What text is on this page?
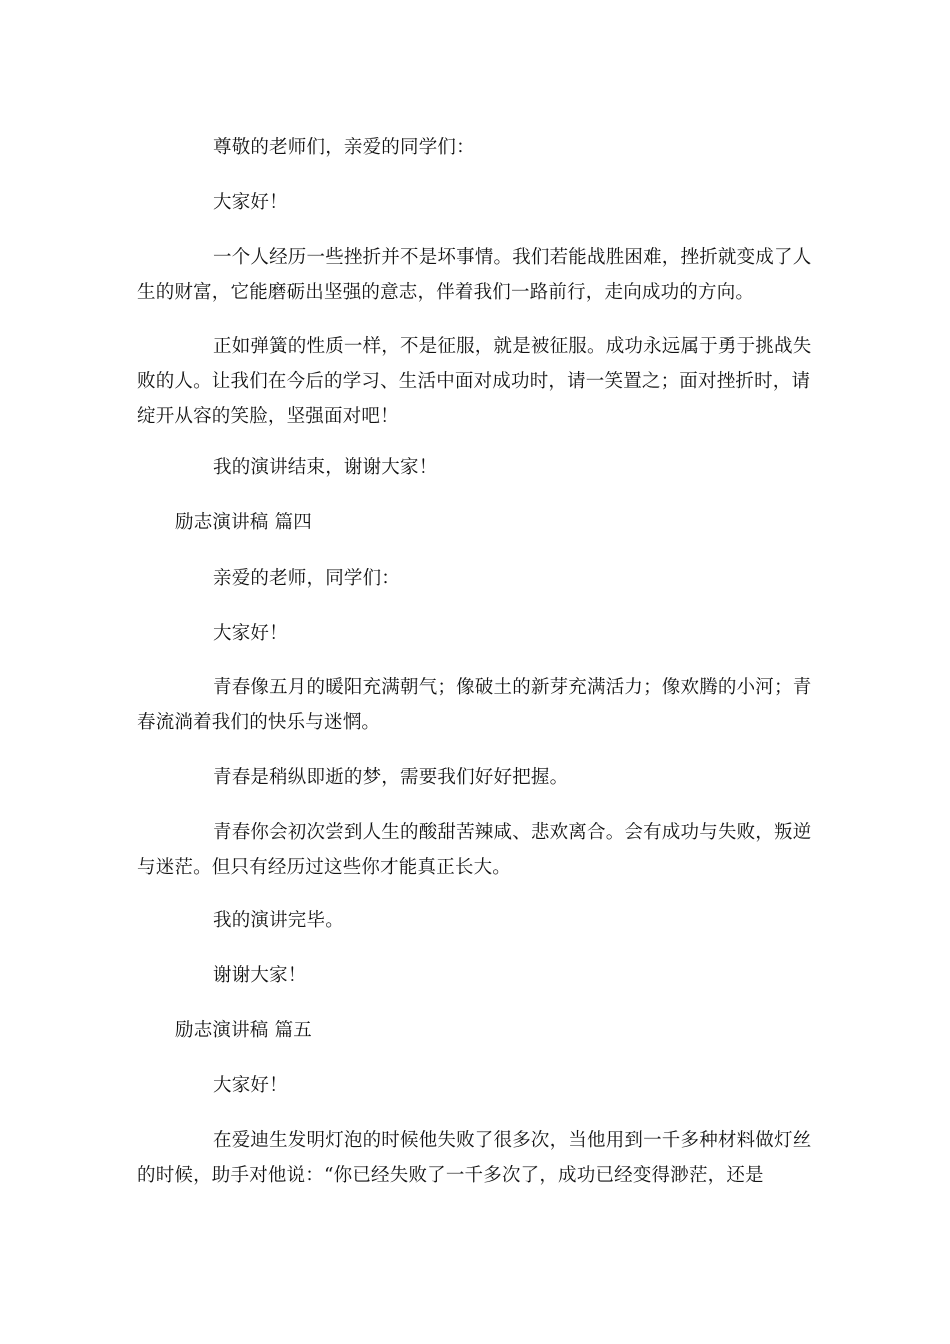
尊敬的老师们，亲爱的同学们：

大家好！

一个人经历一些挫折并不是坏事情。我们若能战胜困难，挫折就变成了人生的财富，它能磨砺出坚强的意志，伴着我们一路前行，走向成功的方向。

正如弹簧的性质一样，不是征服，就是被征服。成功永远属于勇于挑战失败的人。让我们在今后的学习、生活中面对成功时，请一笑置之；面对挫折时，请绽开从容的笑脸，坚强面对吧！

我的演讲结束，谢谢大家！

励志演讲稿 篇四

亲爱的老师，同学们：

大家好！

青春像五月的暖阳充满朝气；像破土的新芽充满活力；像欢腾的小河；青春流淌着我们的快乐与迷惘。

青春是稍纵即逝的梦，需要我们好好把握。

青春你会初次尝到人生的酸甜苦辣咸、悲欢离合。会有成功与失败，叛逆与迷茫。但只有经历过这些你才能真正长大。

我的演讲完毕。

谢谢大家！

励志演讲稿 篇五

大家好！

在爱迪生发明灯泡的时候他失败了很多次，当他用到一千多种材料做灯丝的时候，助手对他说：“你已经失败了一千多次了，成功已经变得渺茫，还是
